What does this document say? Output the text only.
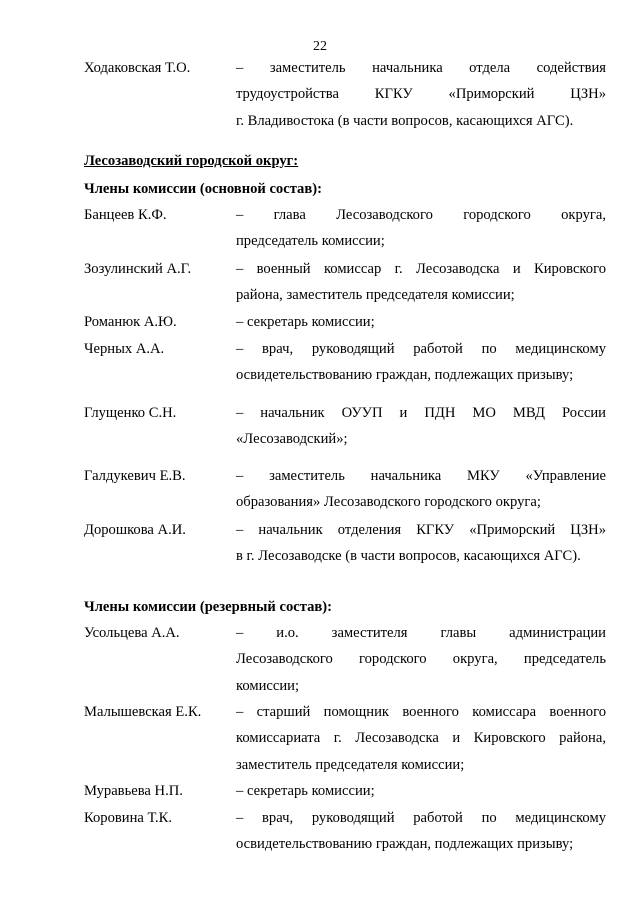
22
Ходаковская Т.О.	– заместитель начальника отдела содействия
трудоустройства КГКУ «Приморский ЦЗН»
г. Владивостока (в части вопросов, касающихся АГС).
Лесозаводский городской округ:
Члены комиссии (основной состав):
Банцеев К.Ф.	– глава Лесозаводского городского округа,
председатель комиссии;
Зозулинский А.Г.	– военный комиссар г. Лесозаводска и Кировского
района, заместитель председателя комиссии;
Романюк А.Ю.	– секретарь комиссии;
Черных А.А.	– врач, руководящий работой по медицинскому
освидетельствованию граждан, подлежащих призыву;
Глущенко С.Н.	– начальник ОУУП и ПДН МО МВД России
«Лесозаводский»;
Галдукевич Е.В.	– заместитель начальника МКУ «Управление
образования» Лесозаводского городского округа;
Дорошкова А.И.	– начальник отделения КГКУ «Приморский ЦЗН»
в г. Лесозаводске (в части вопросов, касающихся АГС).
Члены комиссии (резервный состав):
Усольцева А.А.	– и.о. заместителя главы администрации
Лесозаводского городского округа, председатель
комиссии;
Малышевская Е.К.	– старший помощник военного комиссара военного
комиссариата г. Лесозаводска и Кировского района,
заместитель председателя комиссии;
Муравьева Н.П.	– секретарь комиссии;
Коровина Т.К.	– врач, руководящий работой по медицинскому
освидетельствованию граждан, подлежащих призыву;
